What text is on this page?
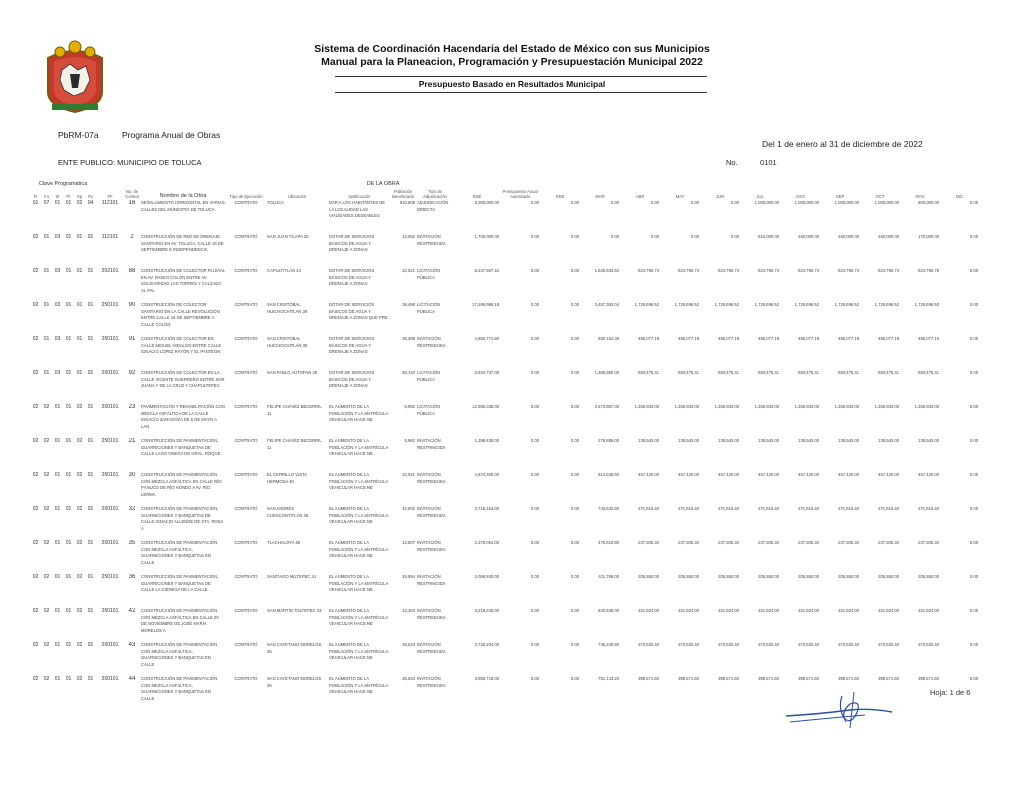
Sistema de Coordinación Hacendaria del Estado de México con sus Municipios
Manual para la Planeacion, Programación y Presupuestación Municipal 2022
Presupuesto Basado en Resultados Municipal
PbRM-07a	Programa Anual de Obras
Del 1 de enero al 31 de diciembre de 2022
ENTE PUBLICO: MUNICIPIO DE TOLUCA	No.	0101
Clave Programática							No. de Control	Nombre de la Obra	Tipo de Ejecución	DE LA OBRA					Presupuesto Anual Autorizado											
Fi	Fu	Sf	Pr	Sp	Py	FF				Ubicación	Justificación	Población Beneficiada	Tipo de Adjudicación	ENE		FEB	MAR	ABR	MAY	JUN	JUL	AGO	SEP	OCT	NOV	DIC
01	07	01	01	02	04	112101	16	SEÑALAMIENTO HORIZONTAL EN VARIAS CALLES DEL MUNICIPIO DE TOLUCA	CONTRATO	TOLUCA	DAR A LOS HABITANTES DE LA LOCALIDAD LAS VIALIDADES DESEABLES	910,608	ADJUDICACIÓN DIRECTA	6,000,000.00	0.00	0.00	0.00	0.00	0.00	0.00	1,000,000.00	1,000,000.00	1,000,000.00	1,000,000.00	600,000.00	0.00
02	01	03	01	01	01	112101	2	CONSTRUCCIÓN DE RED DE DRENAJE SANITARIO EN AV. TOLUCA, CALLE 16 DE SEPTIEMBRE E INDEPENDENCIA	CONTRATO	SAN JUAN TILAPA 30	DOTAR DE SERVICIOS BÁSICOS DE AGUA Y DRENAJE A ZONAS	13,082	INVITACIÓN RESTRINGIDA	1,700,000.00	0.00	0.00	0.00	0.00	0.00	0.00	510,000.00	340,000.00	340,000.00	340,000.00	170,000.00	0.00
02	01	03	01	01	01	202101	88	CONSTRUCCIÓN DE COLECTOR PLUVIAL EN AV. PASEO COLÓN ENTRE AV. SOLIDARIDAD LAS TORRES Y CALZADA AL PAL	CONTRATO	CAPULTITLÁN 24	DOTAR DE SERVICIOS BÁSICOS DE AGUA Y DRENAJE A ZONAS	22,521	LICITACIÓN PÚBLICA	8,247,667.42	0.00	0.00	1,649,533.52	824,766.74	824,766.74	824,766.74	824,766.74	824,766.74	824,766.74	824,766.74	824,766.78	0.00
02	01	03	01	01	01	250101	90	CONSTRUCCIÓN DE COLECTOR SANITARIO EN LA CALLE REVOLUCIÓN ENTRE CALLE 16 DE SEPTIEMBRE A CALLE COLÓN	CONTRATO	SAN CRISTÓBAL HUICHOCHITLÁN 39	DOTAR DE SERVICIOS BÁSICOS DE AGUA Y DRENAJE A ZONAS QUE PRE	38,488	LICITACIÓN PÚBLICA	17,286,965.18	0.00	0.00	3,457,393.04	1,728,696.52	1,728,696.52	1,728,696.52	1,728,696.52	1,728,696.52	1,728,696.52	1,728,696.52	1,728,696.50	0.00
02	01	03	01	01	01	250101	91	CONSTRUCCIÓN DE COLECTOR EN CALLE MIGUEL HIDALGO ENTRE CALLE IGNACIO LÓPEZ RAYÓN Y EL PANTEÓN	CONTRATO	SAN CRISTÓBAL HUICHOCHITLÁN 39	DOTAR DE SERVICIOS BÁSICOS DE AGUA Y DRENAJE A ZONAS	38,488	INVITACIÓN RESTRINGIDA	4,650,771.80	0.00	0.00	930,154.36	465,077.18	465,077.18	465,077.18	465,077.18	465,077.18	465,077.18	465,077.18	465,077.16	0.00
02	01	03	01	01	01	250101	92	CONSTRUCCIÓN DE COLECTOR EN LA CALLE VICENTE GUERRERO ENTRE SOR JUANA Y DE LA CRUZ Y CHAPULTEPEC	CONTRATO	SAN PABLO AUTOPAN 36	DOTAR DE SERVICIOS BÁSICOS DE AGUA Y DRENAJE A ZONAS	60,140	LICITACIÓN PÚBLICA	6,934,737.08	0.00	0.00	1,386,950.00	693,475.31	693,475.31	693,475.31	693,475.31	693,475.31	693,475.31	693,475.31	693,475.31	0.00
02	02	01	01	02	01	250101	23	PAVIMENTACIÓN Y REHABILITACIÓN CON MEZCLA ASFÁLTICA DE LA CALLE IGNACIO ZARAGOZA DE 5 DE MAYO A LAN	CONTRATO	FELIPE CHÁVEZ BECERRIL 11	EL AUMENTO DE LA POBLACIÓN Y LA MATRÍCULA VEHICULAR HACE NE	5,962	LICITACIÓN PÚBLICA	12,869,336.00	0.00	0.00	2,573,867.00	1,286,933.00	1,286,933.00	1,286,933.00	1,286,933.00	1,286,933.00	1,286,933.00	1,286,933.00	1,286,933.00	0.00
02	02	01	01	02	01	250101	21	CONSTRUCCIÓN DE PAVIMENTACIÓN, GUARNICIONES Y BANQUETAS DE CALLE LAGO ONEGA DE GRAL. ROQUE	CONTRATO	FELIPE CHÁVEZ BECERRIL 11	EL AUMENTO DE LA POBLACIÓN Y LA MATRÍCULA VEHICULAR HACE NE	5,962	INVITACIÓN RESTRINGIDA	1,399,430.00	0.00	0.00	279,886.00	139,943.00	139,943.00	139,943.00	139,943.00	139,943.00	139,943.00	139,943.00	139,943.00	0.00
02	02	01	01	02	01	250101	30	CONSTRUCCIÓN DE PAVIMENTACIÓN CON MEZCLA ASFÁLTICA EN CALLE RÍO PÁNUCO DE RÍO HONDO A AV. RÍO LERMA	CONTRATO	EL CERRILLO VISTA HERMOSA 40	EL AUMENTO DE LA POBLACIÓN Y LA MATRÍCULA VEHICULAR HACE NE	22,521	INVITACIÓN RESTRINGIDA	4,574,300.00	0.00	0.00	914,845.60	457,420.00	457,420.00	457,420.00	457,420.00	457,420.00	457,420.00	457,420.00	457,420.00	0.00
02	02	01	01	02	01	250101	32	CONSTRUCCIÓN DE PAVIMENTACIÓN, GUARNICIONES Y BANQUETAS DE CALLE IGNACIO ALLENDE DE STA. ROSA A	CONTRATO	SAN ANDRÉS CUEXCONTITLÁN 35	EL AUMENTO DE LA POBLACIÓN Y LA MATRÍCULA VEHICULAR HACE NE	42,502	INVITACIÓN RESTRINGIDA	3,718,164.00	0.00	0.00	743,632.80	371,816.40	371,816.40	371,816.40	371,816.40	371,816.40	371,816.40	371,816.40	371,816.40	0.00
02	02	01	01	02	01	250101	35	CONSTRUCCIÓN DE PAVIMENTACIÓN CON MEZCLA ASFÁLTICA, GUARNICIONES Y BANQUETAS EN CALLE	CONTRATO	TLACHALOYA 48	EL AUMENTO DE LA POBLACIÓN Y LA MATRÍCULA VEHICULAR HACE NE	13,607	INVITACIÓN RESTRINGIDA	2,378,054.00	0.00	0.00	475,610.80	237,805.40	237,805.40	237,805.40	237,805.40	237,805.40	237,805.40	237,805.40	237,805.40	0.00
02	02	01	01	02	01	250101	36	CONSTRUCCIÓN DE PAVIMENTACIÓN, GUARNICIONES Y BANQUETAS DE CALLE LA CIÉNEGA DE LA CALLE	CONTRATO	SANTIAGO MILTEPEC 41	EL AUMENTO DE LA POBLACIÓN Y LA MATRÍCULA VEHICULAR HACE NE	15,994	INVITACIÓN RESTRINGIDA	2,058,840.00	0.00	0.00	411,768.00	205,884.00	205,884.00	205,884.00	205,884.00	205,884.00	205,884.00	205,884.00	205,884.00	0.00
02	02	01	01	02	01	250101	42	CONSTRUCCIÓN DE PAVIMENTACIÓN CON MEZCLA ASFÁLTICA EN CALLE 20 DE NOVIEMBRE DE JOSÉ MARÍA MORELOS A	CONTRATO	SAN MARTÍN TOLTEPEC 33	EL AUMENTO DE LA POBLACIÓN Y LA MATRÍCULA VEHICULAR HACE NE	13,304	INVITACIÓN RESTRINGIDA	3,219,240.00	0.00	0.00	643,848.00	321,924.00	321,924.00	321,924.00	321,924.00	321,924.00	321,924.00	321,924.00	321,924.00	0.00
02	02	01	01	02	01	250101	43	CONSTRUCCIÓN DE PAVIMENTACIÓN CON MEZCLA ASFÁLTICA, GUARNICIONES Y BANQUETAS EN CALLE	CONTRATO	SAN CAYETANO MORELOS 46	EL AUMENTO DE LA POBLACIÓN Y LA MATRÍCULA VEHICULAR HACE NE	28,543	INVITACIÓN RESTRINGIDA	3,728,204.00	0.00	0.00	745,240.80	372,620.40	372,620.40	372,620.40	372,620.40	372,620.40	372,620.40	372,620.40	372,620.40	0.00
02	02	01	01	02	01	250101	44	CONSTRUCCIÓN DE PAVIMENTACIÓN CON MEZCLA ASFÁLTICA, GUARNICIONES Y BANQUETAS EN CALLE	CONTRATO	SAN CAYETANO MORELOS 46	EL AUMENTO DE LA POBLACIÓN Y LA MATRÍCULA VEHICULAR HACE NE	28,543	INVITACIÓN RESTRINGIDA	3,955,718.00	0.00	0.00	791,143.20	395,571.60	395,571.60	395,571.60	395,571.60	395,571.60	395,571.60	395,571.60	395,571.60	0.00
Hoja: 1 de 6
